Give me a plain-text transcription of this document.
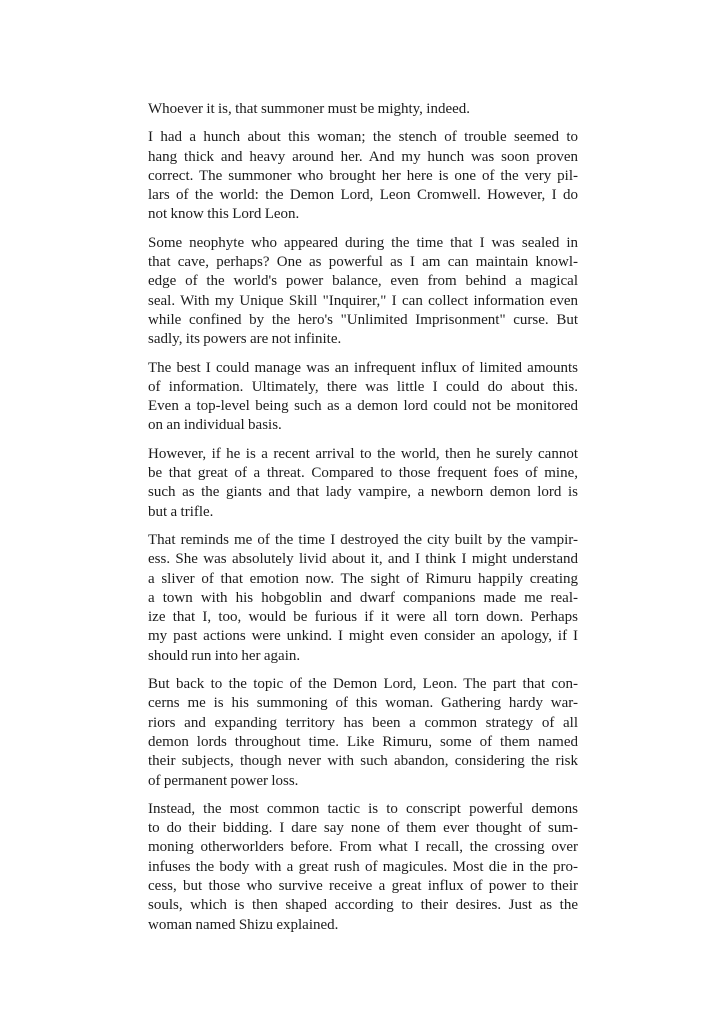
Whoever it is, that summoner must be mighty, indeed.
I had a hunch about this woman; the stench of trouble seemed to
hang thick and heavy around her. And my hunch was soon proven
correct. The summoner who brought her here is one of the very pil-
lars of the world: the Demon Lord, Leon Cromwell. However, I do
not know this Lord Leon.
Some neophyte who appeared during the time that I was sealed in
that cave, perhaps? One as powerful as I am can maintain knowl-
edge of the world's power balance, even from behind a magical
seal. With my Unique Skill "Inquirer," I can collect information even
while confined by the hero's "Unlimited Imprisonment" curse. But
sadly, its powers are not infinite.
The best I could manage was an infrequent influx of limited amounts
of information. Ultimately, there was little I could do about this.
Even a top-level being such as a demon lord could not be monitored
on an individual basis.
However, if he is a recent arrival to the world, then he surely cannot
be that great of a threat. Compared to those frequent foes of mine,
such as the giants and that lady vampire, a newborn demon lord is
but a trifle.
That reminds me of the time I destroyed the city built by the vampir-
ess. She was absolutely livid about it, and I think I might understand
a sliver of that emotion now. The sight of Rimuru happily creating
a town with his hobgoblin and dwarf companions made me real-
ize that I, too, would be furious if it were all torn down. Perhaps
my past actions were unkind. I might even consider an apology, if I
should run into her again.
But back to the topic of the Demon Lord, Leon. The part that con-
cerns me is his summoning of this woman. Gathering hardy war-
riors and expanding territory has been a common strategy of all
demon lords throughout time. Like Rimuru, some of them named
their subjects, though never with such abandon, considering the risk
of permanent power loss.
Instead, the most common tactic is to conscript powerful demons
to do their bidding. I dare say none of them ever thought of sum-
moning otherworlders before. From what I recall, the crossing over
infuses the body with a great rush of magicules. Most die in the pro-
cess, but those who survive receive a great influx of power to their
souls, which is then shaped according to their desires. Just as the
woman named Shizu explained.
